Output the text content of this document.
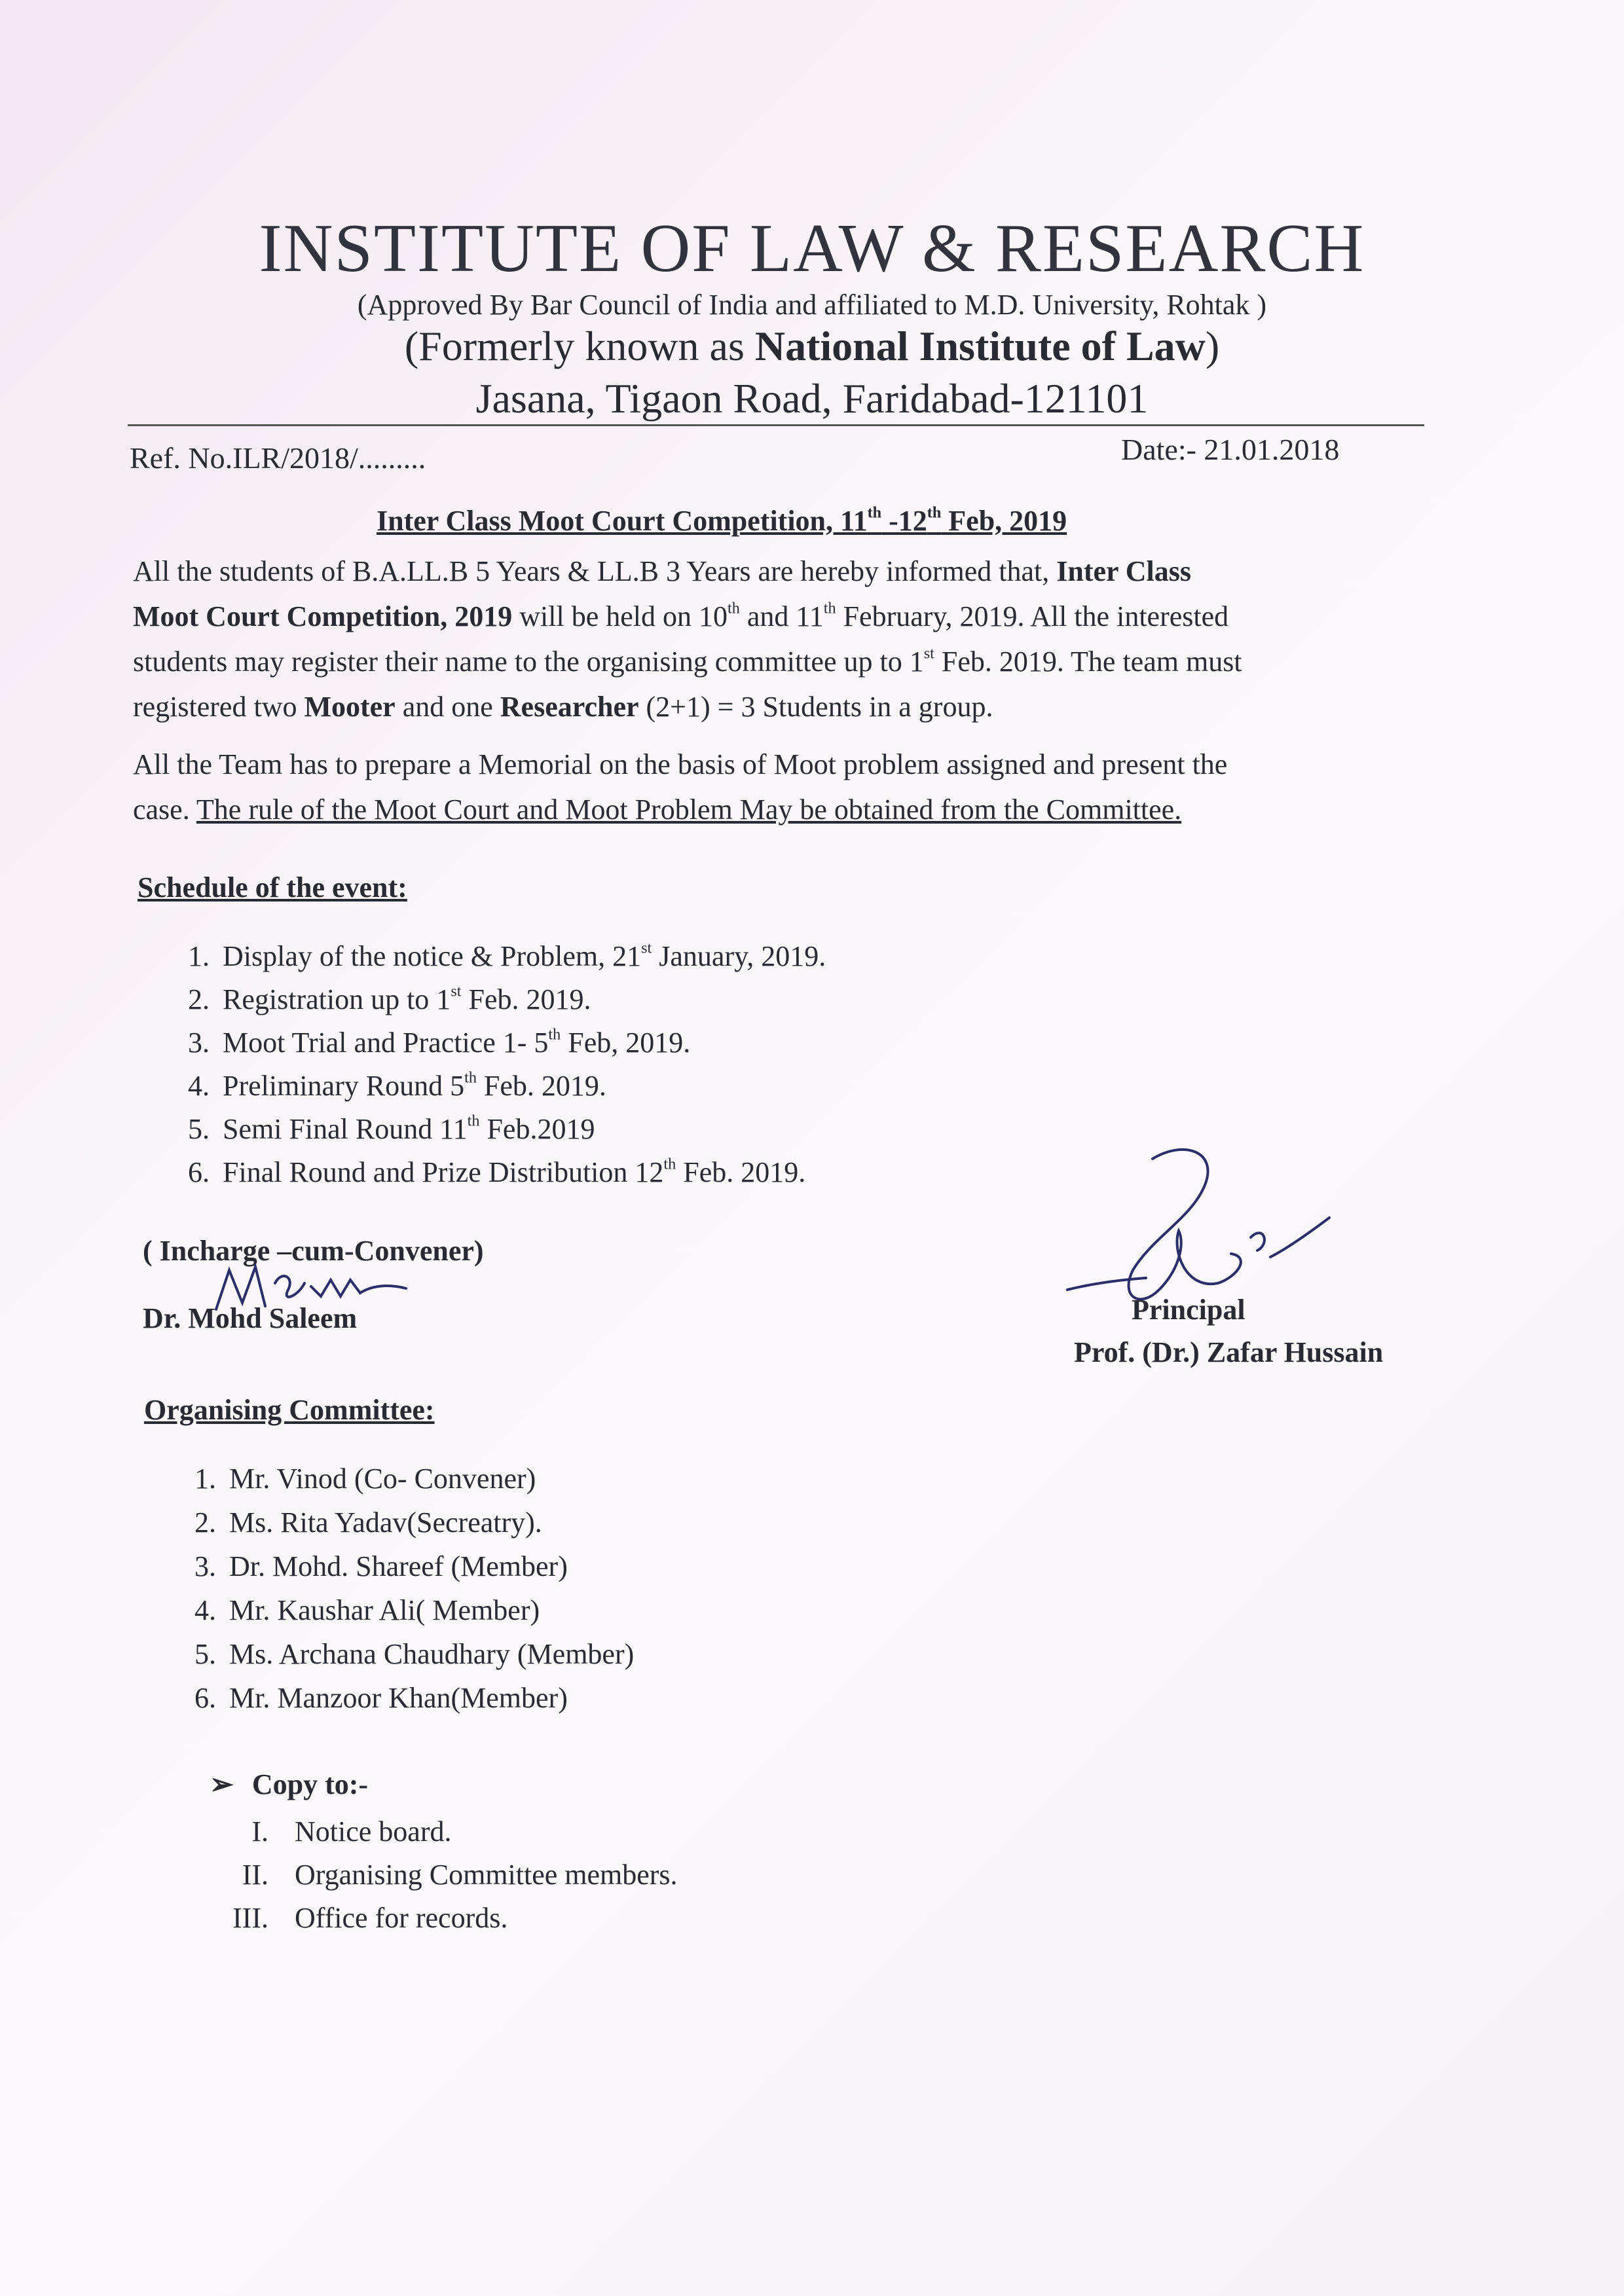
INSTITUTE OF LAW & RESEARCH
(Approved By Bar Council of India and affiliated to M.D. University, Rohtak )
(Formerly known as National Institute of Law)
Jasana, Tigaon Road, Faridabad-121101
Ref. No.ILR/2018/.........	Date:- 21.01.2018
Inter Class Moot Court Competition, 11th -12th Feb, 2019
All the students of B.A.LL.B 5 Years & LL.B 3 Years are hereby informed that, Inter Class
Moot Court Competition, 2019 will be held on 10th and 11th February, 2019. All the interested
students may register their name to the organising committee up to 1st Feb. 2019. The team must
registered two Mooter and one Researcher (2+1) = 3 Students in a group.
All the Team has to prepare a Memorial on the basis of Moot problem assigned and present the
case. The rule of the Moot Court and Moot Problem May be obtained from the Committee.
Schedule of the event:
1. Display of the notice & Problem, 21st January, 2019.
2. Registration up to 1st Feb. 2019.
3. Moot Trial and Practice 1- 5th Feb, 2019.
4. Preliminary Round 5th Feb. 2019.
5. Semi Final Round 11th Feb.2019
6. Final Round and Prize Distribution 12th Feb. 2019.
( Incharge –cum-Convener)
Dr. Mohd Saleem	Principal
Prof. (Dr.) Zafar Hussain
Organising Committee:
1. Mr. Vinod (Co- Convener)
2. Ms. Rita Yadav(Secreatry).
3. Dr. Mohd. Shareef (Member)
4. Mr. Kaushar Ali( Member)
5. Ms. Archana Chaudhary (Member)
6. Mr. Manzoor Khan(Member)
➢ Copy to:-
I. Notice board.
II. Organising Committee members.
III. Office for records.
